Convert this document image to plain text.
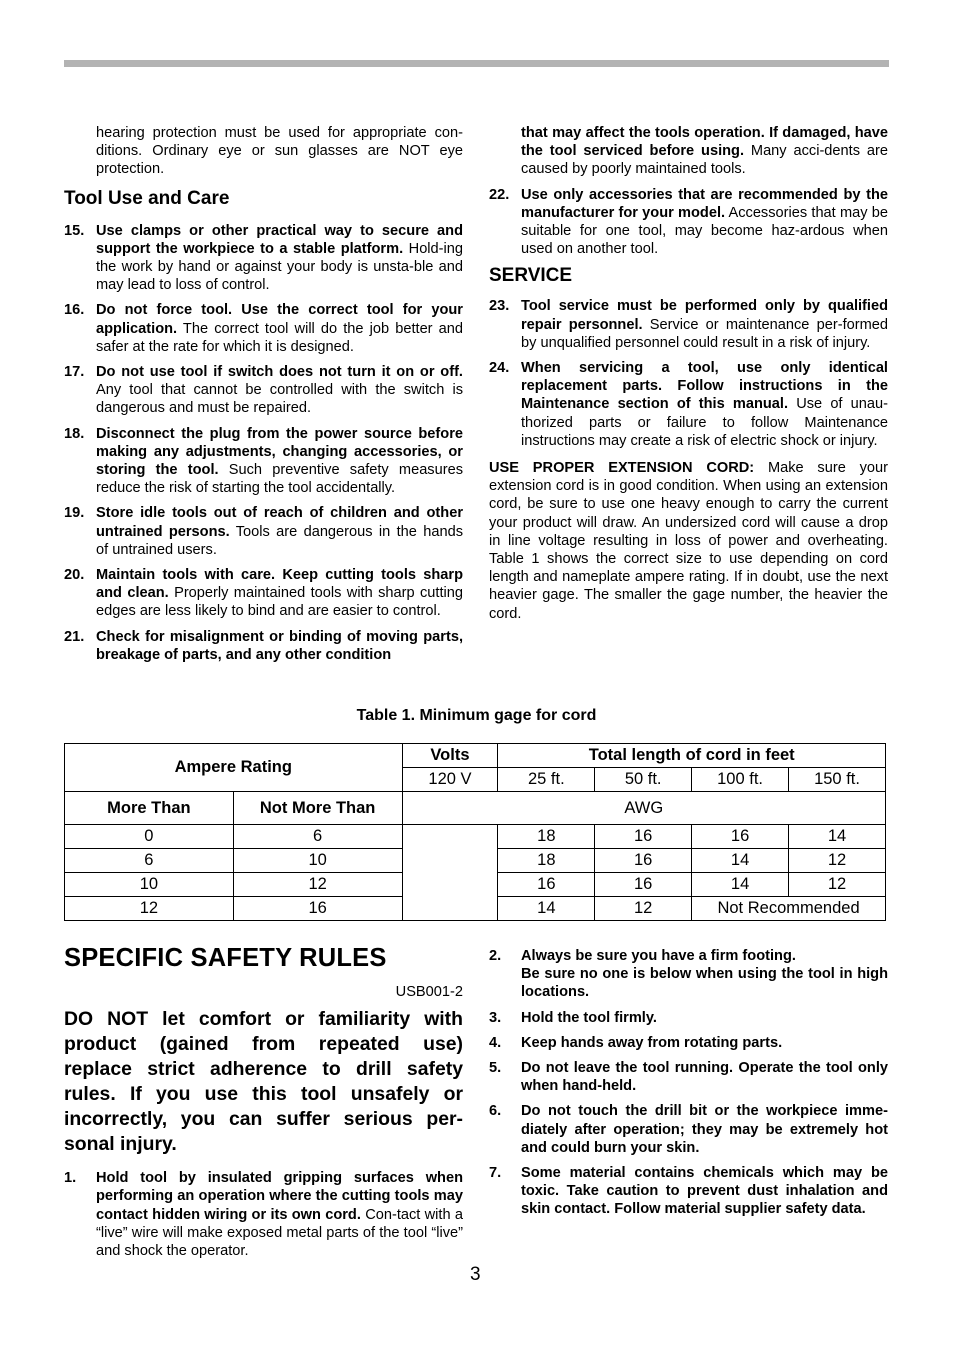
hearing protection must be used for appropriate con-ditions. Ordinary eye or sun glasses are NOT eye protection.
Tool Use and Care
15. Use clamps or other practical way to secure and support the workpiece to a stable platform. Hold-ing the work by hand or against your body is unsta-ble and may lead to loss of control.
16. Do not force tool. Use the correct tool for your application. The correct tool will do the job better and safer at the rate for which it is designed.
17. Do not use tool if switch does not turn it on or off. Any tool that cannot be controlled with the switch is dangerous and must be repaired.
18. Disconnect the plug from the power source before making any adjustments, changing accessories, or storing the tool. Such preventive safety measures reduce the risk of starting the tool accidentally.
19. Store idle tools out of reach of children and other untrained persons. Tools are dangerous in the hands of untrained users.
20. Maintain tools with care. Keep cutting tools sharp and clean. Properly maintained tools with sharp cutting edges are less likely to bind and are easier to control.
21. Check for misalignment or binding of moving parts, breakage of parts, and any other condition
that may affect the tools operation. If damaged, have the tool serviced before using. Many acci-dents are caused by poorly maintained tools.
22. Use only accessories that are recommended by the manufacturer for your model. Accessories that may be suitable for one tool, may become haz-ardous when used on another tool.
SERVICE
23. Tool service must be performed only by qualified repair personnel. Service or maintenance per-formed by unqualified personnel could result in a risk of injury.
24. When servicing a tool, use only identical replacement parts. Follow instructions in the Maintenance section of this manual. Use of unau-thorized parts or failure to follow Maintenance instructions may create a risk of electric shock or injury.
USE PROPER EXTENSION CORD: Make sure your extension cord is in good condition. When using an extension cord, be sure to use one heavy enough to carry the current your product will draw. An undersized cord will cause a drop in line voltage resulting in loss of power and overheating. Table 1 shows the correct size to use depending on cord length and nameplate ampere rating. If in doubt, use the next heavier gage. The smaller the gage number, the heavier the cord.
Table 1. Minimum gage for cord
Ampere Rating		Volts	Total length of cord in feet			
		120 V	25 ft.	50 ft.	100 ft.	150 ft.
More Than	Not More Than	AWG				
0	6		18	16	16	14
6	10		18	16	14	12
10	12		16	16	14	12
12	16		14	12	Not Recommended	
SPECIFIC SAFETY RULES
USB001-2
DO NOT let comfort or familiarity with product (gained from repeated use) replace strict adherence to drill safety rules. If you use this tool unsafely or incorrectly, you can suffer serious per-sonal injury.
1.	Hold tool by insulated gripping surfaces when performing an operation where the cutting tools may contact hidden wiring or its own cord. Con-tact with a “live” wire will make exposed metal parts of the tool “live” and shock the operator.
2.	Always be sure you have a firm footing.
Be sure no one is below when using the tool in high locations.
3.	Hold the tool firmly.
4.	Keep hands away from rotating parts.
5.	Do not leave the tool running. Operate the tool only when hand-held.
6.	Do not touch the drill bit or the workpiece imme-diately after operation; they may be extremely hot and could burn your skin.
7.	Some material contains chemicals which may be toxic. Take caution to prevent dust inhalation and skin contact. Follow material supplier safety data.
3
